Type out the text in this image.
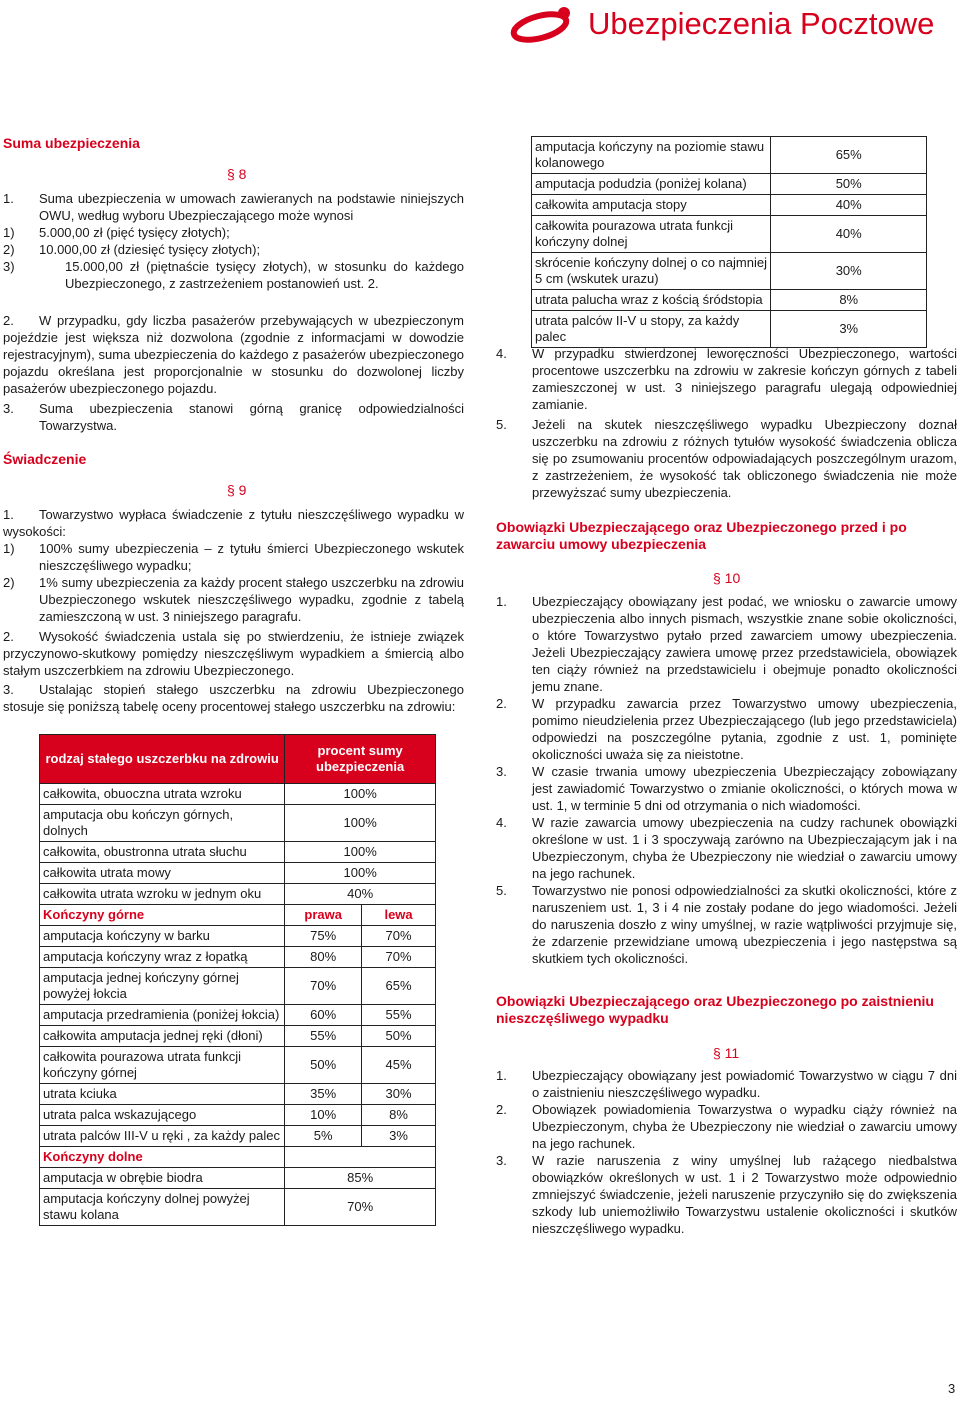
Ubezpieczenia Pocztowe
Suma ubezpieczenia
§ 8
1. Suma ubezpieczenia w umowach zawieranych na podstawie niniejszych OWU, według wyboru Ubezpieczającego może wynosi
1) 5.000,00 zł (pięć tysięcy złotych);
2) 10.000,00 zł (dziesięć tysięcy złotych);
3)	15.000,00 zł (piętnaście tysięcy złotych), w stosunku do każdego Ubezpieczonego, z zastrzeżeniem postanowień ust. 2.
2.	W przypadku, gdy liczba pasażerów przebywających w ubezpieczonym pojeździe jest większa niż dozwolona (zgodnie z informacjami w dowodzie rejestracyjnym), suma ubezpieczenia do każdego z pasażerów ubezpieczonego pojazdu określana jest proporcjonalnie w stosunku do dozwolonej liczby pasażerów ubezpieczonego pojazdu.
3. Suma ubezpieczenia stanowi górną granicę odpowiedzialności Towarzystwa.
Świadczenie
§ 9
1.	Towarzystwo wypłaca świadczenie z tytułu nieszczęśliwego wypadku w wysokości:
1) 100% sumy ubezpieczenia – z tytułu śmierci Ubezpieczonego wskutek nieszczęśliwego wypadku;
2) 1% sumy ubezpieczenia za każdy procent stałego uszczerbku na zdrowiu Ubezpieczonego wskutek nieszczęśliwego wypadku, zgodnie z tabelą zamieszczoną w ust. 3 niniejszego paragrafu.
2.	Wysokość świadczenia ustala się po stwierdzeniu, że istnieje związek przyczynowo-skutkowy pomiędzy nieszczęśliwym wypadkiem a śmiercią albo stałym uszczerbkiem na zdrowiu Ubezpieczonego.
3.	Ustalając stopień stałego uszczerbku na zdrowiu Ubezpieczonego stosuje się poniższą tabelę oceny procentowej stałego uszczerbku na zdrowiu:
rodzaj stałego uszczerbku na zdrowiu	procent sumy ubezpieczenia	
całkowita, obuoczna utrata wzroku	100%	
amputacja obu kończyn górnych, dolnych	100%	
całkowita, obustronna utrata słuchu	100%	
całkowita utrata mowy	100%	
całkowita utrata wzroku w jednym oku	40%	
Kończyny górne	prawa	lewa
amputacja kończyny w barku	75%	70%
amputacja kończyny wraz z łopatką	80%	70%
amputacja jednej kończyny górnej powyżej łokcia	70%	65%
amputacja przedramienia (poniżej łokcia)	60%	55%
całkowita amputacja jednej ręki (dłoni)	55%	50%
całkowita pourazowa utrata funkcji kończyny górnej	50%	45%
utrata kciuka	35%	30%
utrata palca wskazującego	10%	8%
utrata palców III-V u ręki , za każdy palec	5%	3%
Kończyny dolne		
amputacja w obrębie biodra	85%	
amputacja kończyny dolnej powyżej stawu kolana	70%	
amputacja kończyny na poziomie stawu kolanowego	65%
amputacja podudzia (poniżej kolana)	50%
całkowita amputacja stopy	40%
całkowita pourazowa utrata funkcji kończyny dolnej	40%
skrócenie kończyny dolnej o co najmniej 5 cm (wskutek urazu)	30%
utrata palucha wraz z kością śródstopia	8%
utrata palców II-V u stopy, za każdy palec	3%
4. W przypadku stwierdzonej leworęczności Ubezpieczonego, wartości procentowe uszczerbku na zdrowiu w zakresie kończyn górnych z tabeli zamieszczonej w ust. 3 niniejszego paragrafu ulegają odpowiedniej zamianie.
5. Jeżeli na skutek nieszczęśliwego wypadku Ubezpieczony doznał uszczerbku na zdrowiu z różnych tytułów wysokość świadczenia oblicza się po zsumowaniu procentów odpowiadających poszczególnym urazom, z zastrzeżeniem, że wysokość tak obliczonego świadczenia nie może przewyższać sumy ubezpieczenia.
Obowiązki Ubezpieczającego oraz Ubezpieczonego przed i po zawarciu umowy ubezpieczenia
§ 10
1. Ubezpieczający obowiązany jest podać, we wniosku o zawarcie umowy ubezpieczenia albo innych pismach, wszystkie znane sobie okoliczności, o które Towarzystwo pytało przed zawarciem umowy ubezpieczenia. Jeżeli Ubezpieczający zawiera umowę przez przedstawiciela, obowiązek ten ciąży również na przedstawicielu i obejmuje ponadto okoliczności jemu znane.
2. W przypadku zawarcia przez Towarzystwo umowy ubezpieczenia, pomimo nieudzielenia przez Ubezpieczającego (lub jego przedstawiciela) odpowiedzi na poszczególne pytania, zgodnie z ust. 1, pominięte okoliczności uważa się za nieistotne.
3. W czasie trwania umowy ubezpieczenia Ubezpieczający zobowiązany jest zawiadomić Towarzystwo o zmianie okoliczności, o których mowa w ust. 1, w terminie 5 dni od otrzymania o nich wiadomości.
4. W razie zawarcia umowy ubezpieczenia na cudzy rachunek obowiązki określone w ust. 1 i 3 spoczywają zarówno na Ubezpieczającym jak i na Ubezpieczonym, chyba że Ubezpieczony nie wiedział o zawarciu umowy na jego rachunek.
5. Towarzystwo nie ponosi odpowiedzialności za skutki okoliczności, które z naruszeniem ust. 1, 3 i 4 nie zostały podane do jego wiadomości. Jeżeli do naruszenia doszło z winy umyślnej, w razie wątpliwości przyjmuje się, że zdarzenie przewidziane umową ubezpieczenia i jego następstwa są skutkiem tych okoliczności.
Obowiązki Ubezpieczającego oraz Ubezpieczonego po zaistnieniu nieszczęśliwego wypadku
§ 11
1. Ubezpieczający obowiązany jest powiadomić Towarzystwo w ciągu 7 dni o zaistnieniu nieszczęśliwego wypadku.
2. Obowiązek powiadomienia Towarzystwa o wypadku ciąży również na Ubezpieczonym, chyba że Ubezpieczony nie wiedział o zawarciu umowy na jego rachunek.
3. W razie naruszenia z winy umyślnej lub rażącego niedbalstwa obowiązków określonych w ust. 1 i 2 Towarzystwo może odpowiednio zmniejszyć świadczenie, jeżeli naruszenie przyczyniło się do zwiększenia szkody lub uniemożliwiło Towarzystwu ustalenie okoliczności i skutków nieszczęśliwego wypadku.
3
